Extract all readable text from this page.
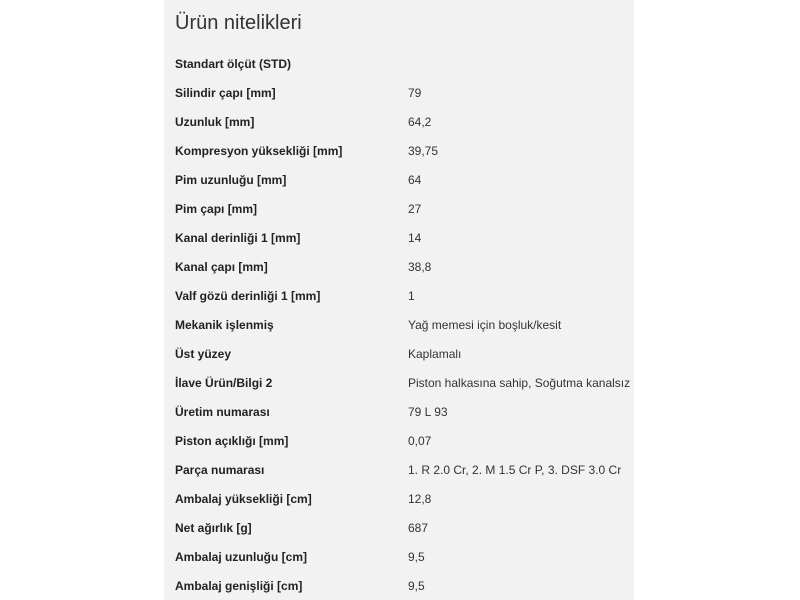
Ürün nitelikleri
Standart ölçüt (STD)
Silindir çapı [mm]	79
Uzunluk [mm]	64,2
Kompresyon yüksekliği [mm]	39,75
Pim uzunluğu [mm]	64
Pim çapı [mm]	27
Kanal derinliği 1 [mm]	14
Kanal çapı [mm]	38,8
Valf gözü derinliği 1 [mm]	1
Mekanik işlenmiş	Yağ memesi için boşluk/kesit
Üst yüzey	Kaplamalı
İlave Ürün/Bilgi 2	Piston halkasına sahip, Soğutma kanalsız
Üretim numarası	79 L 93
Piston açıklığı [mm]	0,07
Parça numarası	1. R 2.0 Cr, 2. M 1.5 Cr P, 3. DSF 3.0 Cr
Ambalaj yüksekliği [cm]	12,8
Net ağırlık [g]	687
Ambalaj uzunluğu [cm]	9,5
Ambalaj genişliği [cm]	9,5
